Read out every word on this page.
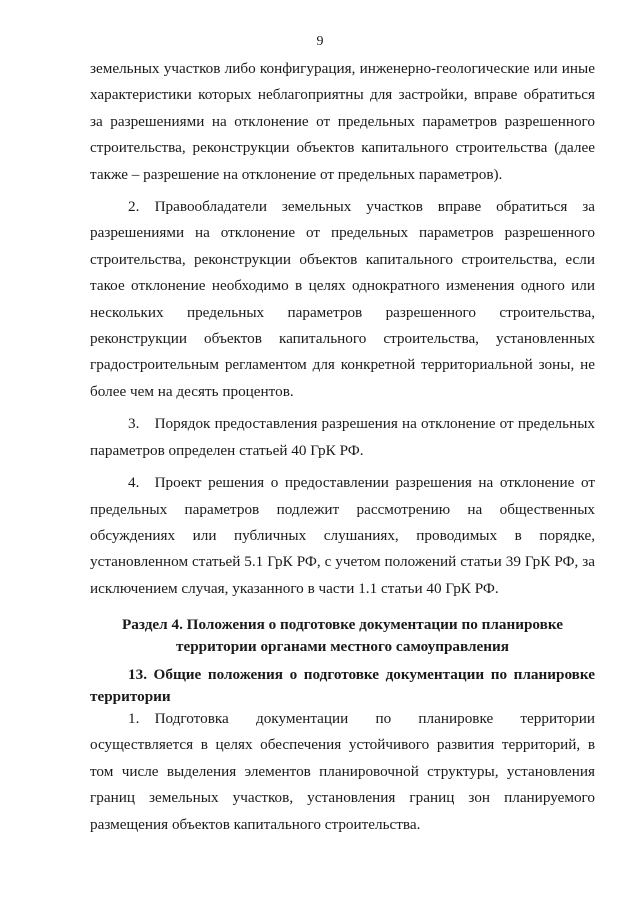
9

земельных участков либо конфигурация, инженерно-геологические или иные характеристики которых неблагоприятны для застройки, вправе обратиться за разрешениями на отклонение от предельных параметров разрешенного строительства, реконструкции объектов капитального строительства (далее также – разрешение на отклонение от предельных параметров).

2. Правообладатели земельных участков вправе обратиться за разрешениями на отклонение от предельных параметров разрешенного строительства, реконструкции объектов капитального строительства, если такое отклонение необходимо в целях однократного изменения одного или нескольких предельных параметров разрешенного строительства, реконструкции объектов капитального строительства, установленных градостроительным регламентом для конкретной территориальной зоны, не более чем на десять процентов.

3. Порядок предоставления разрешения на отклонение от предельных параметров определен статьей 40 ГрК РФ.

4. Проект решения о предоставлении разрешения на отклонение от предельных параметров подлежит рассмотрению на общественных обсуждениях или публичных слушаниях, проводимых в порядке, установленном статьей 5.1 ГрК РФ, с учетом положений статьи 39 ГрК РФ, за исключением случая, указанного в части 1.1 статьи 40 ГрК РФ.

Раздел 4. Положения о подготовке документации по планировке территории органами местного самоуправления
13. Общие положения о подготовке документации по планировке территории

1. Подготовка документации по планировке территории осуществляется в целях обеспечения устойчивого развития территорий, в том числе выделения элементов планировочной структуры, установления границ земельных участков, установления границ зон планируемого размещения объектов капитального строительства.
